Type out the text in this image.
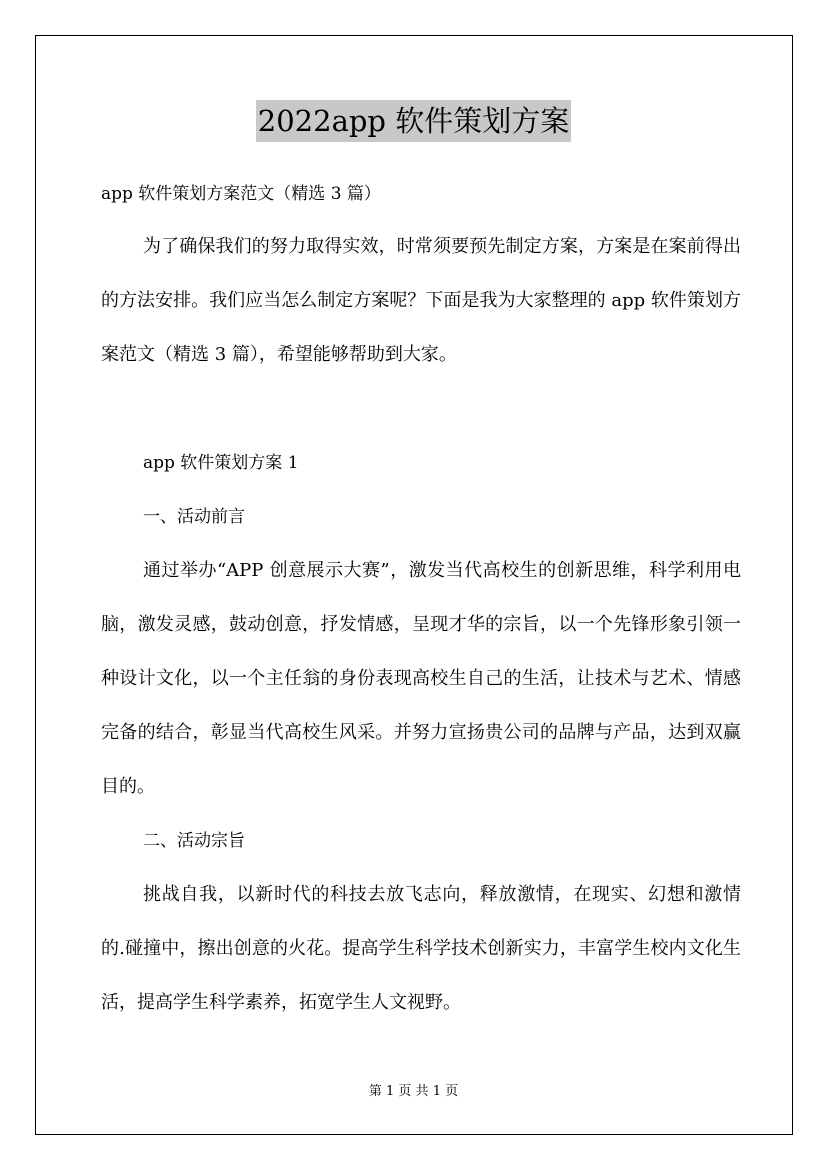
2022app 软件策划方案

app 软件策划方案范文（精选 3 篇）

为了确保我们的努力取得实效，时常须要预先制定方案，方案是在案前得出的方法安排。我们应当怎么制定方案呢？下面是我为大家整理的 app 软件策划方案范文（精选 3 篇），希望能够帮助到大家。

app 软件策划方案 1

一、活动前言

通过举办“APP 创意展示大赛”，激发当代高校生的创新思维，科学利用电脑，激发灵感，鼓动创意，抒发情感，呈现才华的宗旨，以一个先锋形象引领一种设计文化，以一个主任翁的身份表现高校生自己的生活，让技术与艺术、情感完备的结合，彰显当代高校生风采。并努力宣扬贵公司的品牌与产品，达到双赢目的。

二、活动宗旨

挑战自我，以新时代的科技去放飞志向，释放激情，在现实、幻想和激情的.碰撞中，擦出创意的火花。提高学生科学技术创新实力，丰富学生校内文化生活，提高学生科学素养，拓宽学生人文视野。

第 1 页 共 1 页
